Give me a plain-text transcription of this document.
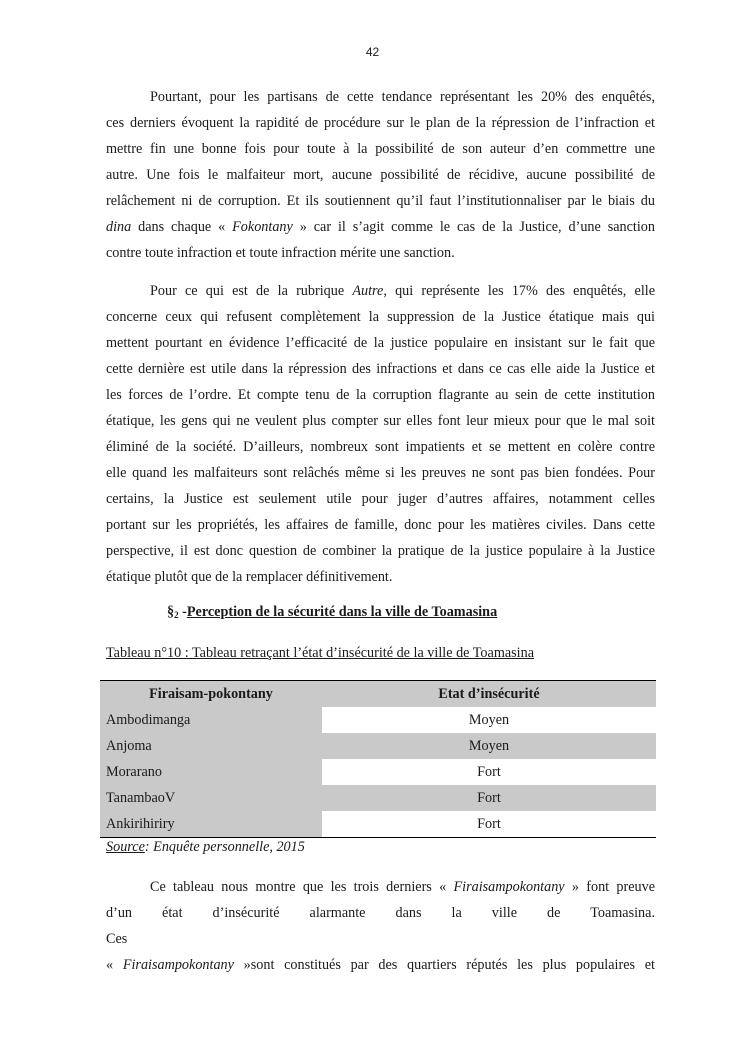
42
Pourtant, pour les partisans de cette tendance représentant les 20% des enquêtés,
ces derniers évoquent la rapidité de procédure sur le plan de la répression de l’infraction et
mettre fin une bonne fois pour toute à la possibilité de son auteur d’en commettre une
autre. Une fois le malfaiteur mort, aucune possibilité de récidive, aucune possibilité de
relâchement ni de corruption. Et ils soutiennent qu’il faut l’institutionnaliser par le biais du
dina dans chaque « Fokontany » car il s’agit comme le cas de la Justice, d’une sanction
contre toute infraction et toute infraction mérite une sanction.
Pour ce qui est de la rubrique Autre, qui représente les 17% des enquêtés, elle
concerne ceux qui refusent complètement la suppression de la Justice étatique mais qui
mettent pourtant en évidence l’efficacité de la justice populaire en insistant sur le fait que
cette dernière est utile dans la répression des infractions et dans ce cas elle aide la Justice et
les forces de l’ordre. Et compte tenu de la corruption flagrante au sein de cette institution
étatique, les gens qui ne veulent plus compter sur elles font leur mieux pour que le mal soit
éliminé de la société. D’ailleurs, nombreux sont impatients et se mettent en colère contre
elle quand les malfaiteurs sont relâchés même si les preuves ne sont pas bien fondées. Pour
certains, la Justice est seulement utile pour juger d’autres affaires, notamment celles
portant sur les propriétés, les affaires de famille, donc pour les matières civiles. Dans cette
perspective, il est donc question de combiner la pratique de la justice populaire à la Justice
étatique plutôt que de la remplacer définitivement.
$\S_2$ -Perception de la sécurité dans la ville de Toamasina
Tableau n°10 : Tableau retraçant l’état d’insécurité de la ville de Toamasina
Firaisam-pokontany	Etat d’insécurité
Ambodimanga	Moyen
Anjoma	Moyen
Morarano	Fort
TanambaoV	Fort
Ankirihiriry	Fort
Source: Enquête personnelle, 2015
Ce tableau nous montre que les trois derniers « Firaisampokontany » font preuve
d’un état d’insécurité alarmante dans la ville de Toamasina. Ces
« Firaisampokontany »sont constitués par des quartiers réputés les plus populaires et
